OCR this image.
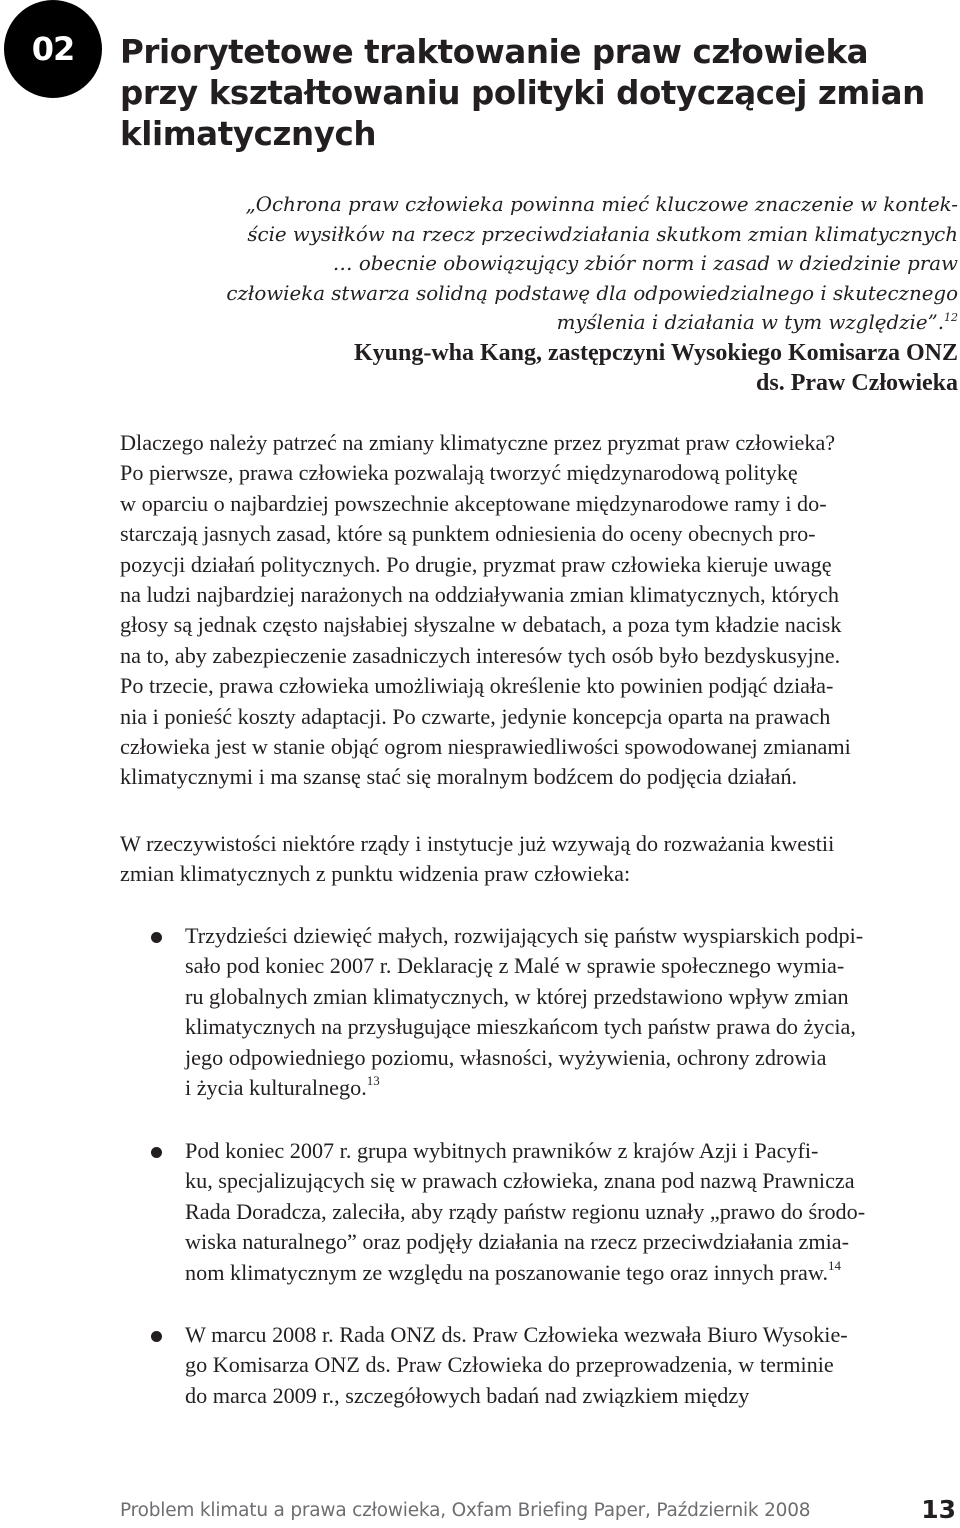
02	Priorytetowe traktowanie praw człowieka
przy kształtowaniu polityki dotyczącej zmian
klimatycznych
„Ochrona praw człowieka powinna mieć kluczowe znaczenie w kontek-
ście wysiłków na rzecz przeciwdziałania skutkom zmian klimatycznych
… obecnie obowiązujący zbiór norm i zasad w dziedzinie praw
człowieka stwarza solidną podstawę dla odpowiedzialnego i skutecznego
myślenia i działania w tym względzie”.$^{12}$
Kyung-wha Kang, zastępczyni Wysokiego Komisarza ONZ
ds. Praw Człowieka
Dlaczego należy patrzeć na zmiany klimatyczne przez pryzmat praw człowieka?
Po pierwsze, prawa człowieka pozwalają tworzyć międzynarodową politykę
w oparciu o najbardziej powszechnie akceptowane międzynarodowe ramy i do-
starczają jasnych zasad, które są punktem odniesienia do oceny obecnych pro-
pozycji działań politycznych. Po drugie, pryzmat praw człowieka kieruje uwagę
na ludzi najbardziej narażonych na oddziaływania zmian klimatycznych, których
głosy są jednak często najsłabiej słyszalne w debatach, a poza tym kładzie nacisk
na to, aby zabezpieczenie zasadniczych interesów tych osób było bezdyskusyjne.
Po trzecie, prawa człowieka umożliwiają określenie kto powinien podjąć działa-
nia i ponieść koszty adaptacji. Po czwarte, jedynie koncepcja oparta na prawach
człowieka jest w stanie objąć ogrom niesprawiedliwości spowodowanej zmianami
klimatycznymi i ma szansę stać się moralnym bodźcem do podjęcia działań.
W rzeczywistości niektóre rządy i instytucje już wzywają do rozważania kwestii
zmian klimatycznych z punktu widzenia praw człowieka:
Trzydzieści dziewięć małych, rozwijających się państw wyspiarskich podpi-
sało pod koniec 2007 r. Deklarację z Malé w sprawie społecznego wymia-
ru globalnych zmian klimatycznych, w której przedstawiono wpływ zmian
klimatycznych na przysługujące mieszkańcom tych państw prawa do życia,
jego odpowiedniego poziomu, własności, wyżywienia, ochrony zdrowia
i życia kulturalnego.$^{13}$
Pod koniec 2007 r. grupa wybitnych prawników z krajów Azji i Pacyfi-
ku, specjalizujących się w prawach człowieka, znana pod nazwą Prawnicza
Rada Doradcza, zaleciła, aby rządy państw regionu uznały „prawo do środo-
wiska naturalnego” oraz podjęły działania na rzecz przeciwdziałania zmia-
nom klimatycznym ze względu na poszanowanie tego oraz innych praw.$^{14}$
W marcu 2008 r. Rada ONZ ds. Praw Człowieka wezwała Biuro Wysokie-
go Komisarza ONZ ds. Praw Człowieka do przeprowadzenia, w terminie
do marca 2009 r., szczegółowych badań nad związkiem między
Problem klimatu a prawa człowieka, Oxfam Briefing Paper, Październik 2008	13
